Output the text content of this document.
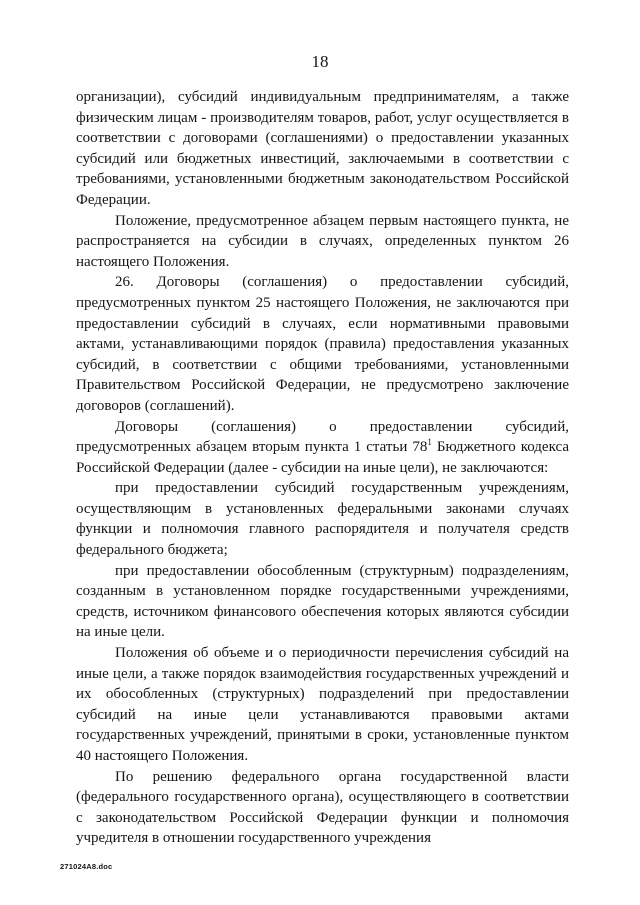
18

организации), субсидий индивидуальным предпринимателям, а также физическим лицам - производителям товаров, работ, услуг осуществляется в соответствии с договорами (соглашениями) о предоставлении указанных субсидий или бюджетных инвестиций, заключаемыми в соответствии с требованиями, установленными бюджетным законодательством Российской Федерации.

Положение, предусмотренное абзацем первым настоящего пункта, не распространяется на субсидии в случаях, определенных пунктом 26 настоящего Положения.

26. Договоры (соглашения) о предоставлении субсидий, предусмотренных пунктом 25 настоящего Положения, не заключаются при предоставлении субсидий в случаях, если нормативными правовыми актами, устанавливающими порядок (правила) предоставления указанных субсидий, в соответствии с общими требованиями, установленными Правительством Российской Федерации, не предусмотрено заключение договоров (соглашений).

Договоры (соглашения) о предоставлении субсидий, предусмотренных абзацем вторым пункта 1 статьи $78^1$ Бюджетного кодекса Российской Федерации (далее - субсидии на иные цели), не заключаются:

при предоставлении субсидий государственным учреждениям, осуществляющим в установленных федеральными законами случаях функции и полномочия главного распорядителя и получателя средств федерального бюджета;

при предоставлении обособленным (структурным) подразделениям, созданным в установленном порядке государственными учреждениями, средств, источником финансового обеспечения которых являются субсидии на иные цели.

Положения об объеме и о периодичности перечисления субсидий на иные цели, а также порядок взаимодействия государственных учреждений и их обособленных (структурных) подразделений при предоставлении субсидий на иные цели устанавливаются правовыми актами государственных учреждений, принятыми в сроки, установленные пунктом 40 настоящего Положения.

По решению федерального органа государственной власти (федерального государственного органа), осуществляющего в соответствии с законодательством Российской Федерации функции и полномочия учредителя в отношении государственного учреждения

271024A8.doc
